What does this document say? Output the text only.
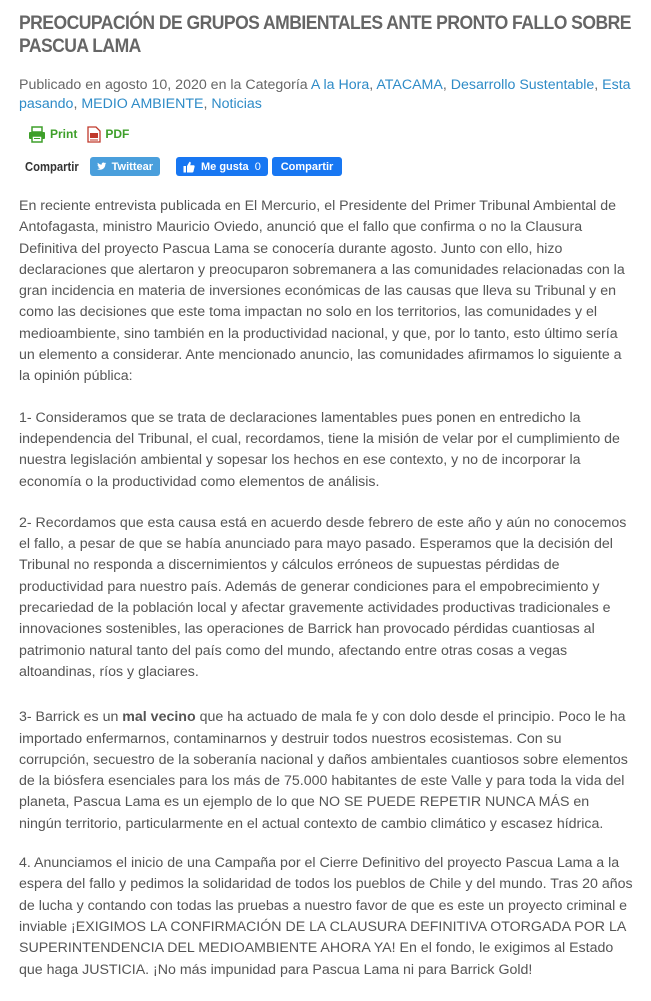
PREOCUPACIÓN DE GRUPOS AMBIENTALES ANTE PRONTO FALLO SOBRE PASCUA LAMA

Publicado en agosto 10, 2020 en la Categoría A la Hora, ATACAMA, Desarrollo Sustentable, Esta pasando, MEDIO AMBIENTE, Noticias

Print PDF
Compartir	Twittear	Me gusta 0 Compartir

En reciente entrevista publicada en El Mercurio, el Presidente del Primer Tribunal Ambiental de Antofagasta, ministro Mauricio Oviedo, anunció que el fallo que confirma o no la Clausura Definitiva del proyecto Pascua Lama se conocería durante agosto. Junto con ello, hizo declaraciones que alertaron y preocuparon sobremanera a las comunidades relacionadas con la gran incidencia en materia de inversiones económicas de las causas que lleva su Tribunal y en como las decisiones que este toma impactan no solo en los territorios, las comunidades y el medioambiente, sino también en la productividad nacional, y que, por lo tanto, esto último sería un elemento a considerar. Ante mencionado anuncio, las comunidades afirmamos lo siguiente a la opinión pública:

1- Consideramos que se trata de declaraciones lamentables pues ponen en entredicho la independencia del Tribunal, el cual, recordamos, tiene la misión de velar por el cumplimiento de nuestra legislación ambiental y sopesar los hechos en ese contexto, y no de incorporar la economía o la productividad como elementos de análisis.

2- Recordamos que esta causa está en acuerdo desde febrero de este año y aún no conocemos el fallo, a pesar de que se había anunciado para mayo pasado. Esperamos que la decisión del Tribunal no responda a discernimientos y cálculos erróneos de supuestas pérdidas de productividad para nuestro país. Además de generar condiciones para el empobrecimiento y precariedad de la población local y afectar gravemente actividades productivas tradicionales e innovaciones sostenibles, las operaciones de Barrick han provocado pérdidas cuantiosas al patrimonio natural tanto del país como del mundo, afectando entre otras cosas a vegas altoandinas, ríos y glaciares.

3- Barrick es un mal vecino que ha actuado de mala fe y con dolo desde el principio. Poco le ha importado enfermarnos, contaminarnos y destruir todos nuestros ecosistemas. Con su corrupción, secuestro de la soberanía nacional y daños ambientales cuantiosos sobre elementos de la biósfera esenciales para los más de 75.000 habitantes de este Valle y para toda la vida del planeta, Pascua Lama es un ejemplo de lo que NO SE PUEDE REPETIR NUNCA MÁS en ningún territorio, particularmente en el actual contexto de cambio climático y escasez hídrica.

4. Anunciamos el inicio de una Campaña por el Cierre Definitivo del proyecto Pascua Lama a la espera del fallo y pedimos la solidaridad de todos los pueblos de Chile y del mundo. Tras 20 años de lucha y contando con todas las pruebas a nuestro favor de que es este un proyecto criminal e inviable ¡EXIGIMOS LA CONFIRMACIÓN DE LA CLAUSURA DEFINITIVA OTORGADA POR LA SUPERINTENDENCIA DEL MEDIOAMBIENTE AHORA YA! En el fondo, le exigimos al Estado que haga JUSTICIA. ¡No más impunidad para Pascua Lama ni para Barrick Gold!
